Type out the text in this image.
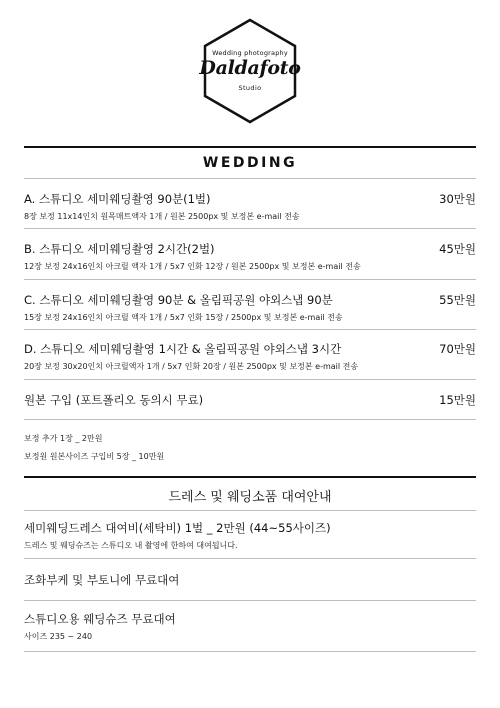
Wedding photography
Daldafoto
Studio
WEDDING
A. 스튜디오 세미웨딩촬영 90분(1벌)	30만원
8장 보정 11x14인치 원목매트액자 1개 / 원본 2500px 및 보정본 e-mail 전송
B. 스튜디오 세미웨딩촬영 2시간(2벌)	45만원
12장 보정 24x16인치 아크릴 액자 1개 / 5x7 인화 12장 / 원본 2500px 및 보정본 e-mail 전송
C. 스튜디오 세미웨딩촬영 90분 & 올림픽공원 야외스냅 90분	55만원
15장 보정 24x16인치 아크릴 액자 1개 / 5x7 인화 15장 / 2500px 및 보정본 e-mail 전송
D. 스튜디오 세미웨딩촬영 1시간 & 올림픽공원 야외스냅 3시간	70만원
20장 보정 30x20인치 아크릴액자 1개 / 5x7 인화 20장 / 원본 2500px 및 보정본 e-mail 전송
원본 구입 (포트폴리오 동의시 무료)	15만원
보정 추가 1장 _ 2만원
보정원 원본사이즈 구입비 5장 _ 10만원
드레스 및 웨딩소품 대여안내
세미웨딩드레스 대여비(세탁비) 1벌 _ 2만원 (44~55사이즈)
드레스 및 웨딩슈즈는 스튜디오 내 촬영에 한하여 대여됩니다.
조화부케 및 부토니에 무료대여
스튜디오용 웨딩슈즈 무료대여
사이즈 235 ~ 240
